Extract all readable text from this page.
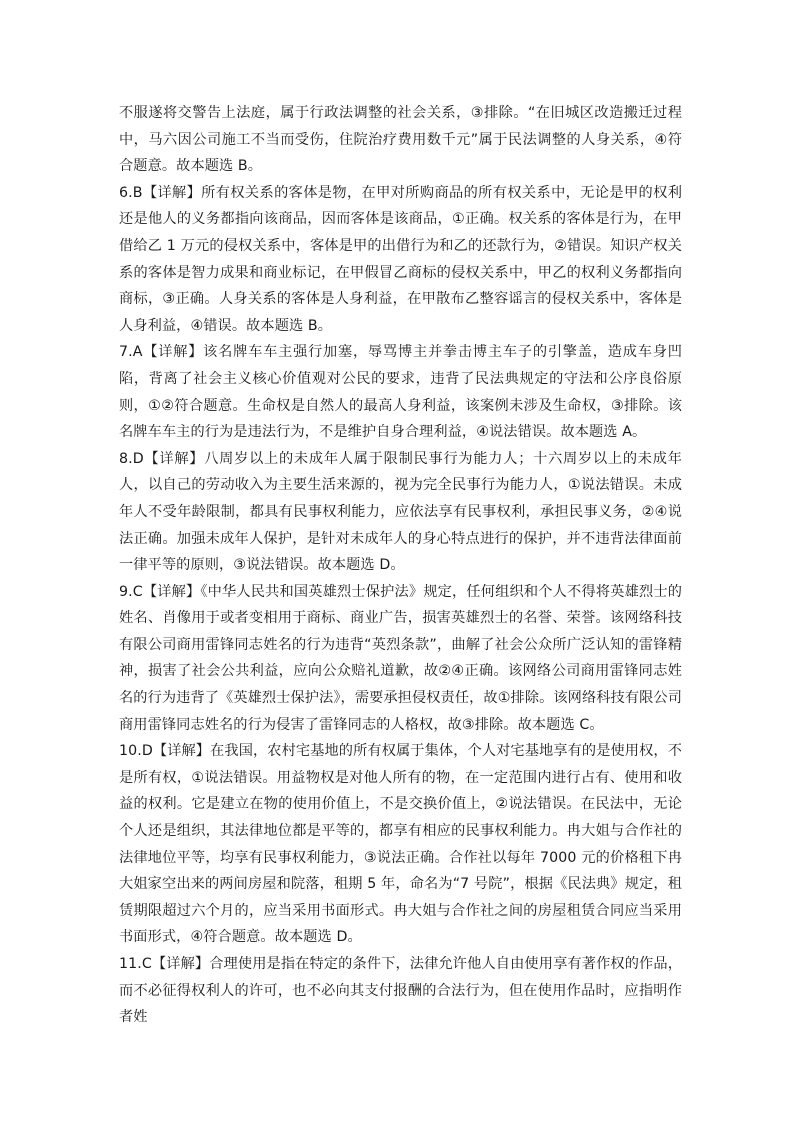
不服遂将交警告上法庭，属于行政法调整的社会关系，③排除。“在旧城区改造搬迁过程中，马六因公司施工不当而受伤，住院治疗费用数千元”属于民法调整的人身关系，④符合题意。故本题选 B。

6.B【详解】所有权关系的客体是物，在甲对所购商品的所有权关系中，无论是甲的权利还是他人的义务都指向该商品，因而客体是该商品，①正确。权关系的客体是行为，在甲借给乙 1 万元的侵权关系中，客体是甲的出借行为和乙的还款行为，②错误。知识产权关系的客体是智力成果和商业标记，在甲假冒乙商标的侵权关系中，甲乙的权利义务都指向商标，③正确。人身关系的客体是人身利益，在甲散布乙整容谣言的侵权关系中，客体是人身利益，④错误。故本题选 B。

7.A【详解】该名牌车车主强行加塞，辱骂博主并拳击博主车子的引擎盖，造成车身凹陷，背离了社会主义核心价值观对公民的要求，违背了民法典规定的守法和公序良俗原则，①②符合题意。生命权是自然人的最高人身利益，该案例未涉及生命权，③排除。该名牌车车主的行为是违法行为，不是维护自身合理利益，④说法错误。故本题选 A。

8.D【详解】八周岁以上的未成年人属于限制民事行为能力人；十六周岁以上的未成年人，以自己的劳动收入为主要生活来源的，视为完全民事行为能力人，①说法错误。未成年人不受年龄限制，都具有民事权利能力，应依法享有民事权利，承担民事义务，②④说法正确。加强未成年人保护，是针对未成年人的身心特点进行的保护，并不违背法律面前一律平等的原则，③说法错误。故本题选 D。

9.C【详解】《中华人民共和国英雄烈士保护法》规定，任何组织和个人不得将英雄烈士的姓名、肖像用于或者变相用于商标、商业广告，损害英雄烈士的名誉、荣誉。该网络科技有限公司商用雷锋同志姓名的行为违背“英烈条款”，曲解了社会公众所广泛认知的雷锋精神，损害了社会公共利益，应向公众赔礼道歉，故②④正确。该网络公司商用雷锋同志姓名的行为违背了《英雄烈士保护法》，需要承担侵权责任，故①排除。该网络科技有限公司商用雷锋同志姓名的行为侵害了雷锋同志的人格权，故③排除。故本题选 C。

10.D【详解】在我国，农村宅基地的所有权属于集体，个人对宅基地享有的是使用权，不是所有权，①说法错误。用益物权是对他人所有的物，在一定范围内进行占有、使用和收益的权利。它是建立在物的使用价值上，不是交换价值上，②说法错误。在民法中，无论个人还是组织，其法律地位都是平等的，都享有相应的民事权利能力。冉大姐与合作社的法律地位平等，均享有民事权利能力，③说法正确。合作社以每年 7000 元的价格租下冉大姐家空出来的两间房屋和院落，租期 5 年，命名为“7 号院”，根据《民法典》规定，租赁期限超过六个月的，应当采用书面形式。冉大姐与合作社之间的房屋租赁合同应当采用书面形式，④符合题意。故本题选 D。

11.C【详解】合理使用是指在特定的条件下，法律允许他人自由使用享有著作权的作品，而不必征得权利人的许可，也不必向其支付报酬的合法行为，但在使用作品时，应指明作者姓
